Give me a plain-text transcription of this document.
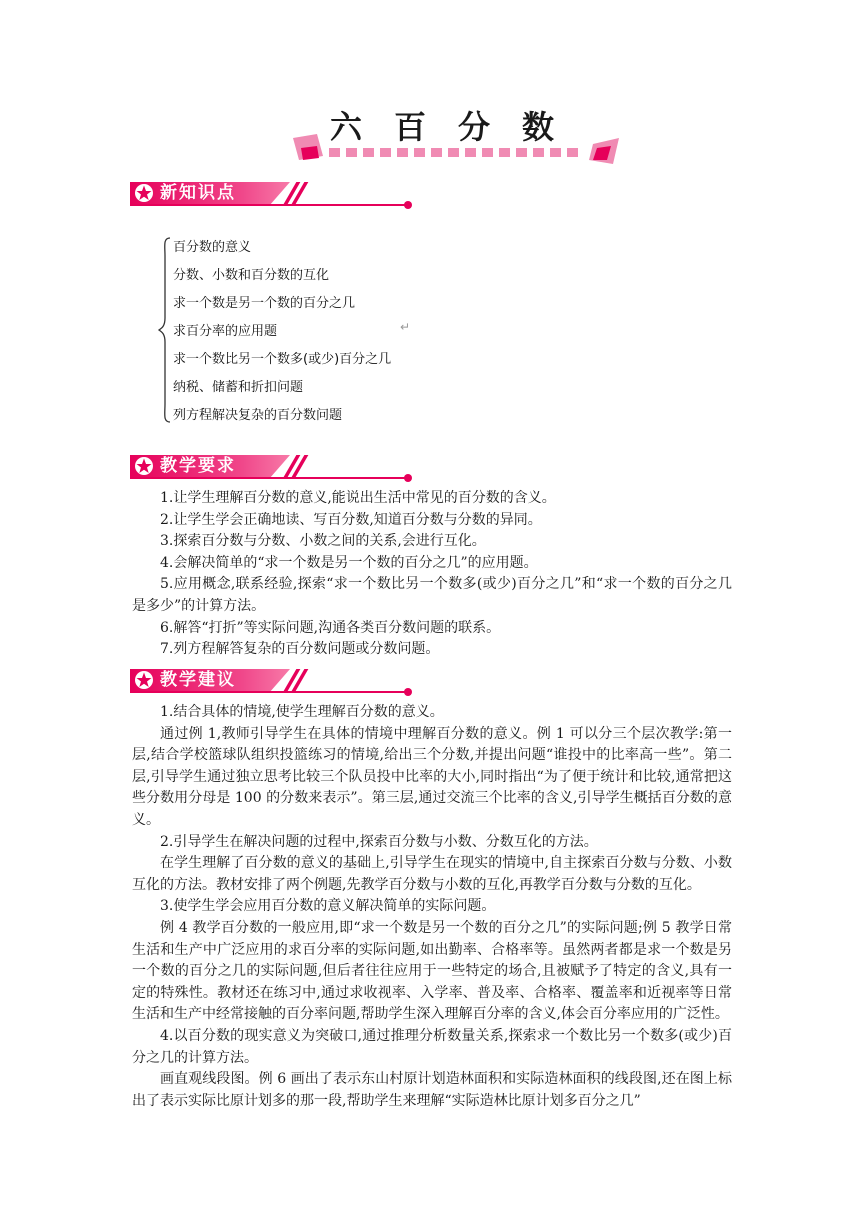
六百分数
新知识点
百分数的意义
分数、小数和百分数的互化
求一个数是另一个数的百分之几
求百分率的应用题	↵
求一个数比另一个数多(或少)百分之几
纳税、储蓄和折扣问题
列方程解决复杂的百分数问题
教学要求

1.让学生理解百分数的意义,能说出生活中常见的百分数的含义。

2.让学生学会正确地读、写百分数,知道百分数与分数的异同。

3.探索百分数与分数、小数之间的关系,会进行互化。

4.会解决简单的“求一个数是另一个数的百分之几”的应用题。

5.应用概念,联系经验,探索“求一个数比另一个数多(或少)百分之几”和“求一个数的百分之几是多少”的计算方法。

6.解答“打折”等实际问题,沟通各类百分数问题的联系。

7.列方程解答复杂的百分数问题或分数问题。

教学建议

1.结合具体的情境,使学生理解百分数的意义。

通过例 1,教师引导学生在具体的情境中理解百分数的意义。例 1 可以分三个层次教学:第一层,结合学校篮球队组织投篮练习的情境,给出三个分数,并提出问题“谁投中的比率高一些”。第二层,引导学生通过独立思考比较三个队员投中比率的大小,同时指出“为了便于统计和比较,通常把这些分数用分母是 100 的分数来表示”。第三层,通过交流三个比率的含义,引导学生概括百分数的意义。

2.引导学生在解决问题的过程中,探索百分数与小数、分数互化的方法。

在学生理解了百分数的意义的基础上,引导学生在现实的情境中,自主探索百分数与分数、小数互化的方法。教材安排了两个例题,先教学百分数与小数的互化,再教学百分数与分数的互化。

3.使学生学会应用百分数的意义解决简单的实际问题。

例 4 教学百分数的一般应用,即“求一个数是另一个数的百分之几”的实际问题;例 5 教学日常生活和生产中广泛应用的求百分率的实际问题,如出勤率、合格率等。虽然两者都是求一个数是另一个数的百分之几的实际问题,但后者往往应用于一些特定的场合,且被赋予了特定的含义,具有一定的特殊性。教材还在练习中,通过求收视率、入学率、普及率、合格率、覆盖率和近视率等日常生活和生产中经常接触的百分率问题,帮助学生深入理解百分率的含义,体会百分率应用的广泛性。

4.以百分数的现实意义为突破口,通过推理分析数量关系,探索求一个数比另一个数多(或少)百分之几的计算方法。

画直观线段图。例 6 画出了表示东山村原计划造林面积和实际造林面积的线段图,还在图上标出了表示实际比原计划多的那一段,帮助学生来理解“实际造林比原计划多百分之几”
